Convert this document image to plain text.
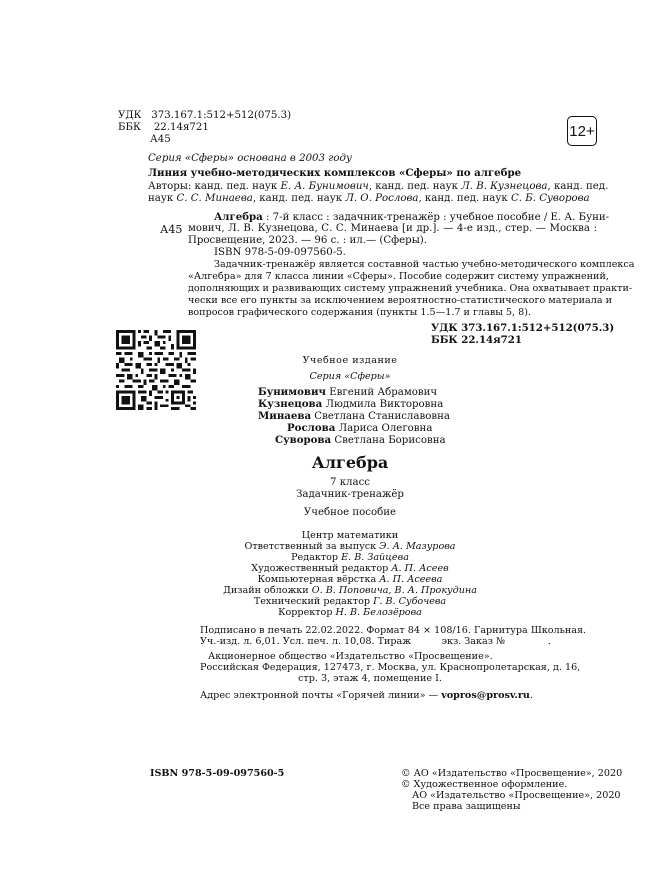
УДК 373.167.1:512+512(075.3)
ББК 22.14я721
А45	12+
Серия «Сферы» основана в 2003 году
Линия учебно-методических комплексов «Сферы» по алгебре
Авторы: канд. пед. наук Е. А. Бунимович, канд. пед. наук Л. В. Кузнецова, канд. пед.
наук С. С. Минаева, канд. пед. наук Л. О. Рослова, канд. пед. наук С. Б. Суворова
А45
Алгебра : 7-й класс : задачник-тренажёр : учебное пособие / Е. А. Буни-
мович, Л. В. Кузнецова, С. С. Минаева [и др.]. — 4-е изд., стер. — Москва :
Просвещение, 2023. — 96 с. : ил.— (Сферы).
ISBN 978-5-09-097560-5.
Задачник-тренажёр является составной частью учебно-методического комплекса
«Алгебра» для 7 класса линии «Сферы». Пособие содержит систему упражнений,
дополняющих и развивающих систему упражнений учебника. Она охватывает практи-
чески все его пункты за исключением вероятностно-статистического материала и
вопросов графического содержания (пункты 1.5—1.7 и главы 5, 8).
УДК 373.167.1:512+512(075.3)
ББК 22.14я721
Учебное издание
Серия «Сферы»
Бунимович Евгений Абрамович
Кузнецова Людмила Викторовна
Минаева Светлана Станиславовна
Рослова Лариса Олеговна
Суворова Светлана Борисовна
Алгебра
7 класс
Задачник-тренажёр
Учебное пособие
Центр математики
Ответственный за выпуск Э. А. Мазурова
Редактор Е. В. Зайцева
Художественный редактор А. П. Асеев
Компьютерная вёрстка А. П. Асеева
Дизайн обложки О. В. Поповича, В. А. Прокудина
Технический редактор Г. В. Субочева
Корректор Н. В. Белозёрова
Подписано в печать 22.02.2022. Формат 84 × 108/16. Гарнитура Школьная.
Уч.-изд. л. 6,01. Усл. печ. л. 10,08. Тираж          экз. Заказ №              .
Акционерное общество «Издательство «Просвещение».
Российская Федерация, 127473, г. Москва, ул. Краснопролетарская, д. 16,
стр. 3, этаж 4, помещение I.
Адрес электронной почты «Горячей линии» — vopros@prosv.ru.
ISBN 978-5-09-097560-5	© АО «Издательство «Просвещение», 2020
© Художественное оформление.
АО «Издательство «Просвещение», 2020
Все права защищены
